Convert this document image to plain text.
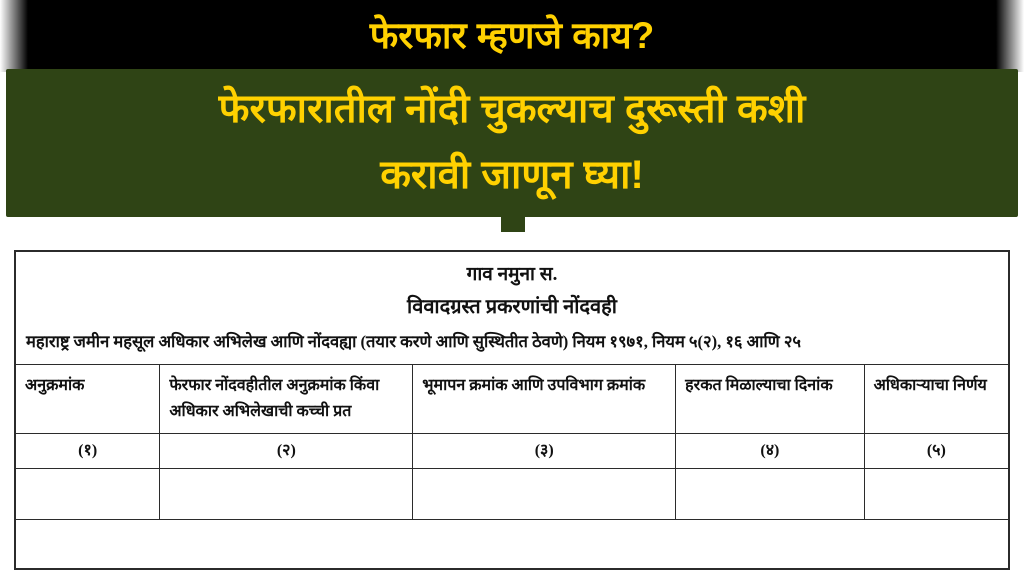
फेरफार म्हणजे काय?
फेरफारातील नोंदी चुकल्याच दुरूस्ती कशी
करावी जाणून घ्या!
गाव नमुना स.
विवादग्रस्त प्रकरणांची नोंदवही
महाराष्ट्र जमीन महसूल अधिकार अभिलेख आणि नोंदवह्या (तयार करणे आणि सुस्थितीत ठेवणे) नियम १९७१, नियम ५(२), १६ आणि २५
अनुक्रमांक	फेरफार नोंदवहीतील अनुक्रमांक किंवा अधिकार अभिलेखाची कच्ची प्रत	भूमापन क्रमांक आणि उपविभाग क्रमांक	हरकत मिळाल्याचा दिनांक	अधिकाऱ्याचा निर्णय
(१)	(२)	(३)	(४)	(५)
